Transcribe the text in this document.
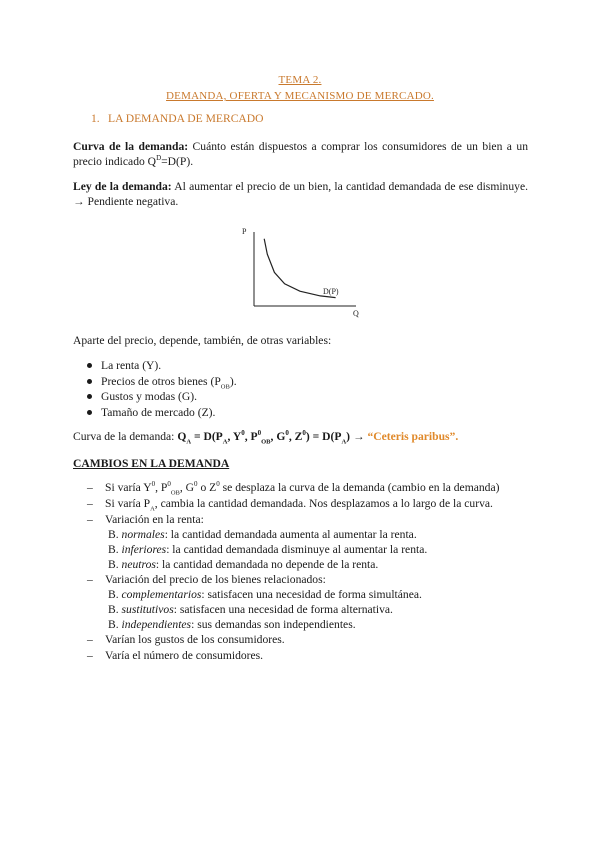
TEMA 2.
DEMANDA, OFERTA Y MECANISMO DE MERCADO.
1. LA DEMANDA DE MERCADO
Curva de la demanda: Cuánto están dispuestos a comprar los consumidores de un bien a un precio indicado $Q^D=D(P)$.
Ley de la demanda: Al aumentar el precio de un bien, la cantidad demandada de ese disminuye. → Pendiente negativa.
P
Q
D(P)
Aparte del precio, depende, también, de otras variables:
La renta (Y).
Precios de otros bienes $(P_{OB})$.
Gustos y modas (G).
Tamaño de mercado (Z).
Curva de la demanda: $Q_A = D(P_A$, $Y^0$, $P^0_{OB}$, $G^0$, $Z^0) = D(P_A)$ → “Ceteris paribus”.
CAMBIOS EN LA DEMANDA
– Si varía $Y^0$, $P^0_{OB}$, $G^0$ o $Z^0$ se desplaza la curva de la demanda (cambio en la demanda)
– Si varía $P_A$, cambia la cantidad demandada. Nos desplazamos a lo largo de la curva.
– Variación en la renta:
B. normales: la cantidad demandada aumenta al aumentar la renta.
B. inferiores: la cantidad demandada disminuye al aumentar la renta.
B. neutros: la cantidad demandada no depende de la renta.
– Variación del precio de los bienes relacionados:
B. complementarios: satisfacen una necesidad de forma simultánea.
B. sustitutivos: satisfacen una necesidad de forma alternativa.
B. independientes: sus demandas son independientes.
– Varían los gustos de los consumidores.
– Varía el número de consumidores.
